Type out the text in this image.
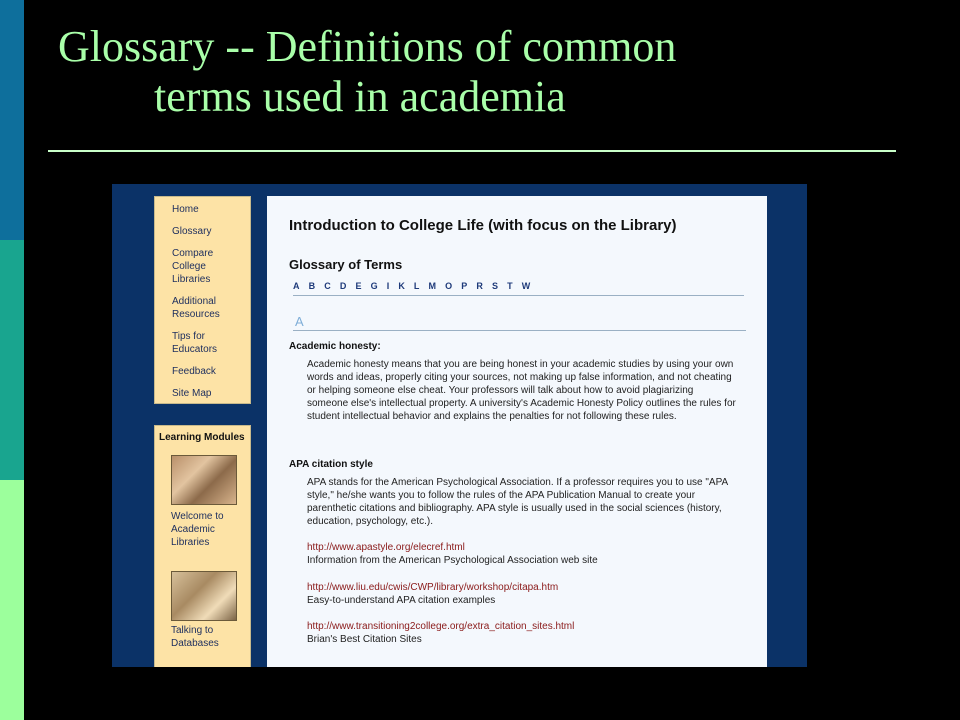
Glossary -- Definitions of common
terms used in academia
Home
Glossary
Compare College Libraries
Additional Resources
Tips for Educators
Feedback
Site Map
Learning Modules
Welcome to Academic Libraries
Talking to Databases
Introduction to College Life (with focus on the Library)
Glossary of Terms
A B C D E G I K L M O P R S T W
A
Academic honesty:
Academic honesty means that you are being honest in your academic studies by using your own words and ideas, properly citing your sources, not making up false information, and not cheating or helping someone else cheat. Your professors will talk about how to avoid plagiarizing someone else's intellectual property. A university's Academic Honesty Policy outlines the rules for student intellectual behavior and explains the penalties for not following these rules.
APA citation style
APA stands for the American Psychological Association. If a professor requires you to use "APA style," he/she wants you to follow the rules of the APA Publication Manual to create your parenthetic citations and bibliography. APA style is usually used in the social sciences (history, education, psychology, etc.).
http://www.apastyle.org/elecref.html
Information from the American Psychological Association web site
http://www.liu.edu/cwis/CWP/library/workshop/citapa.htm
Easy-to-understand APA citation examples
http://www.transitioning2college.org/extra_citation_sites.html
Brian's Best Citation Sites
